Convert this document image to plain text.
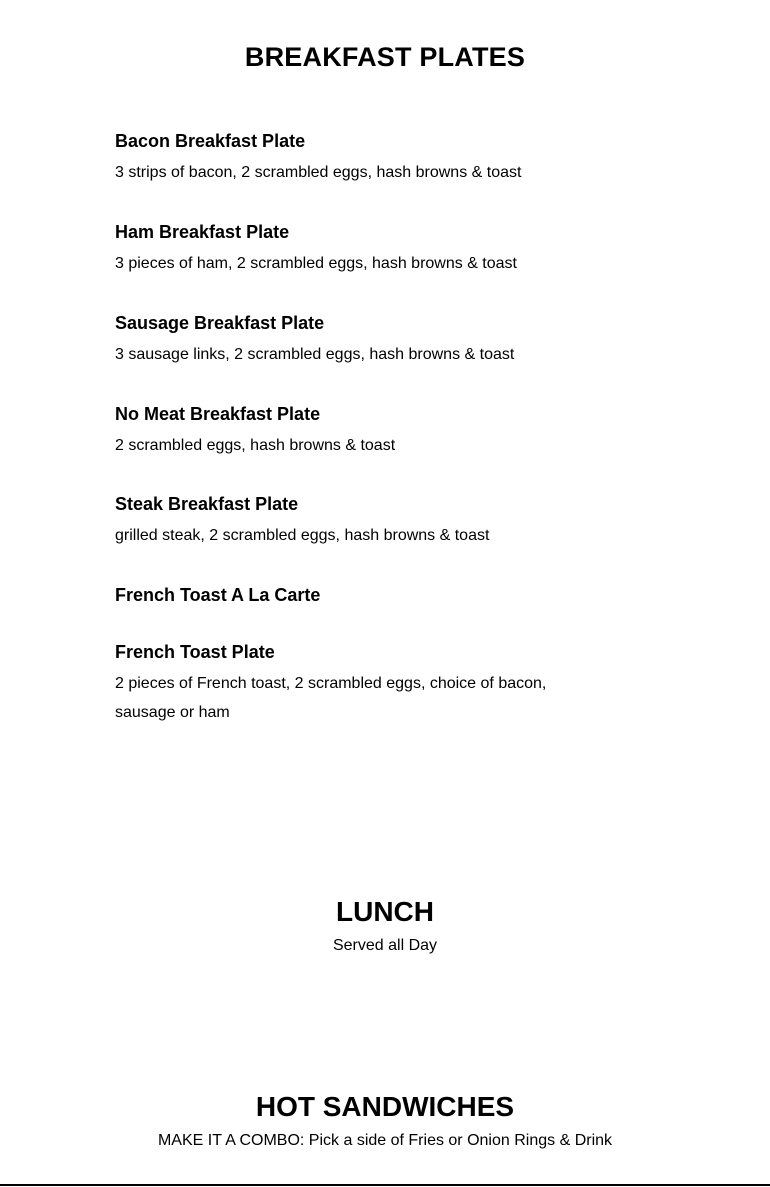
BREAKFAST PLATES

Bacon Breakfast Plate

3 strips of bacon, 2 scrambled eggs, hash browns & toast

Ham Breakfast Plate

3 pieces of ham, 2 scrambled eggs, hash browns & toast

Sausage Breakfast Plate

3 sausage links, 2 scrambled eggs, hash browns & toast

No Meat Breakfast Plate

2 scrambled eggs, hash browns & toast

Steak Breakfast Plate

grilled steak, 2 scrambled eggs, hash browns & toast

French Toast A La Carte

French Toast Plate

2 pieces of French toast, 2 scrambled eggs, choice of bacon, sausage or ham

LUNCH

Served all Day

HOT SANDWICHES

MAKE IT A COMBO: Pick a side of Fries or Onion Rings & Drink
